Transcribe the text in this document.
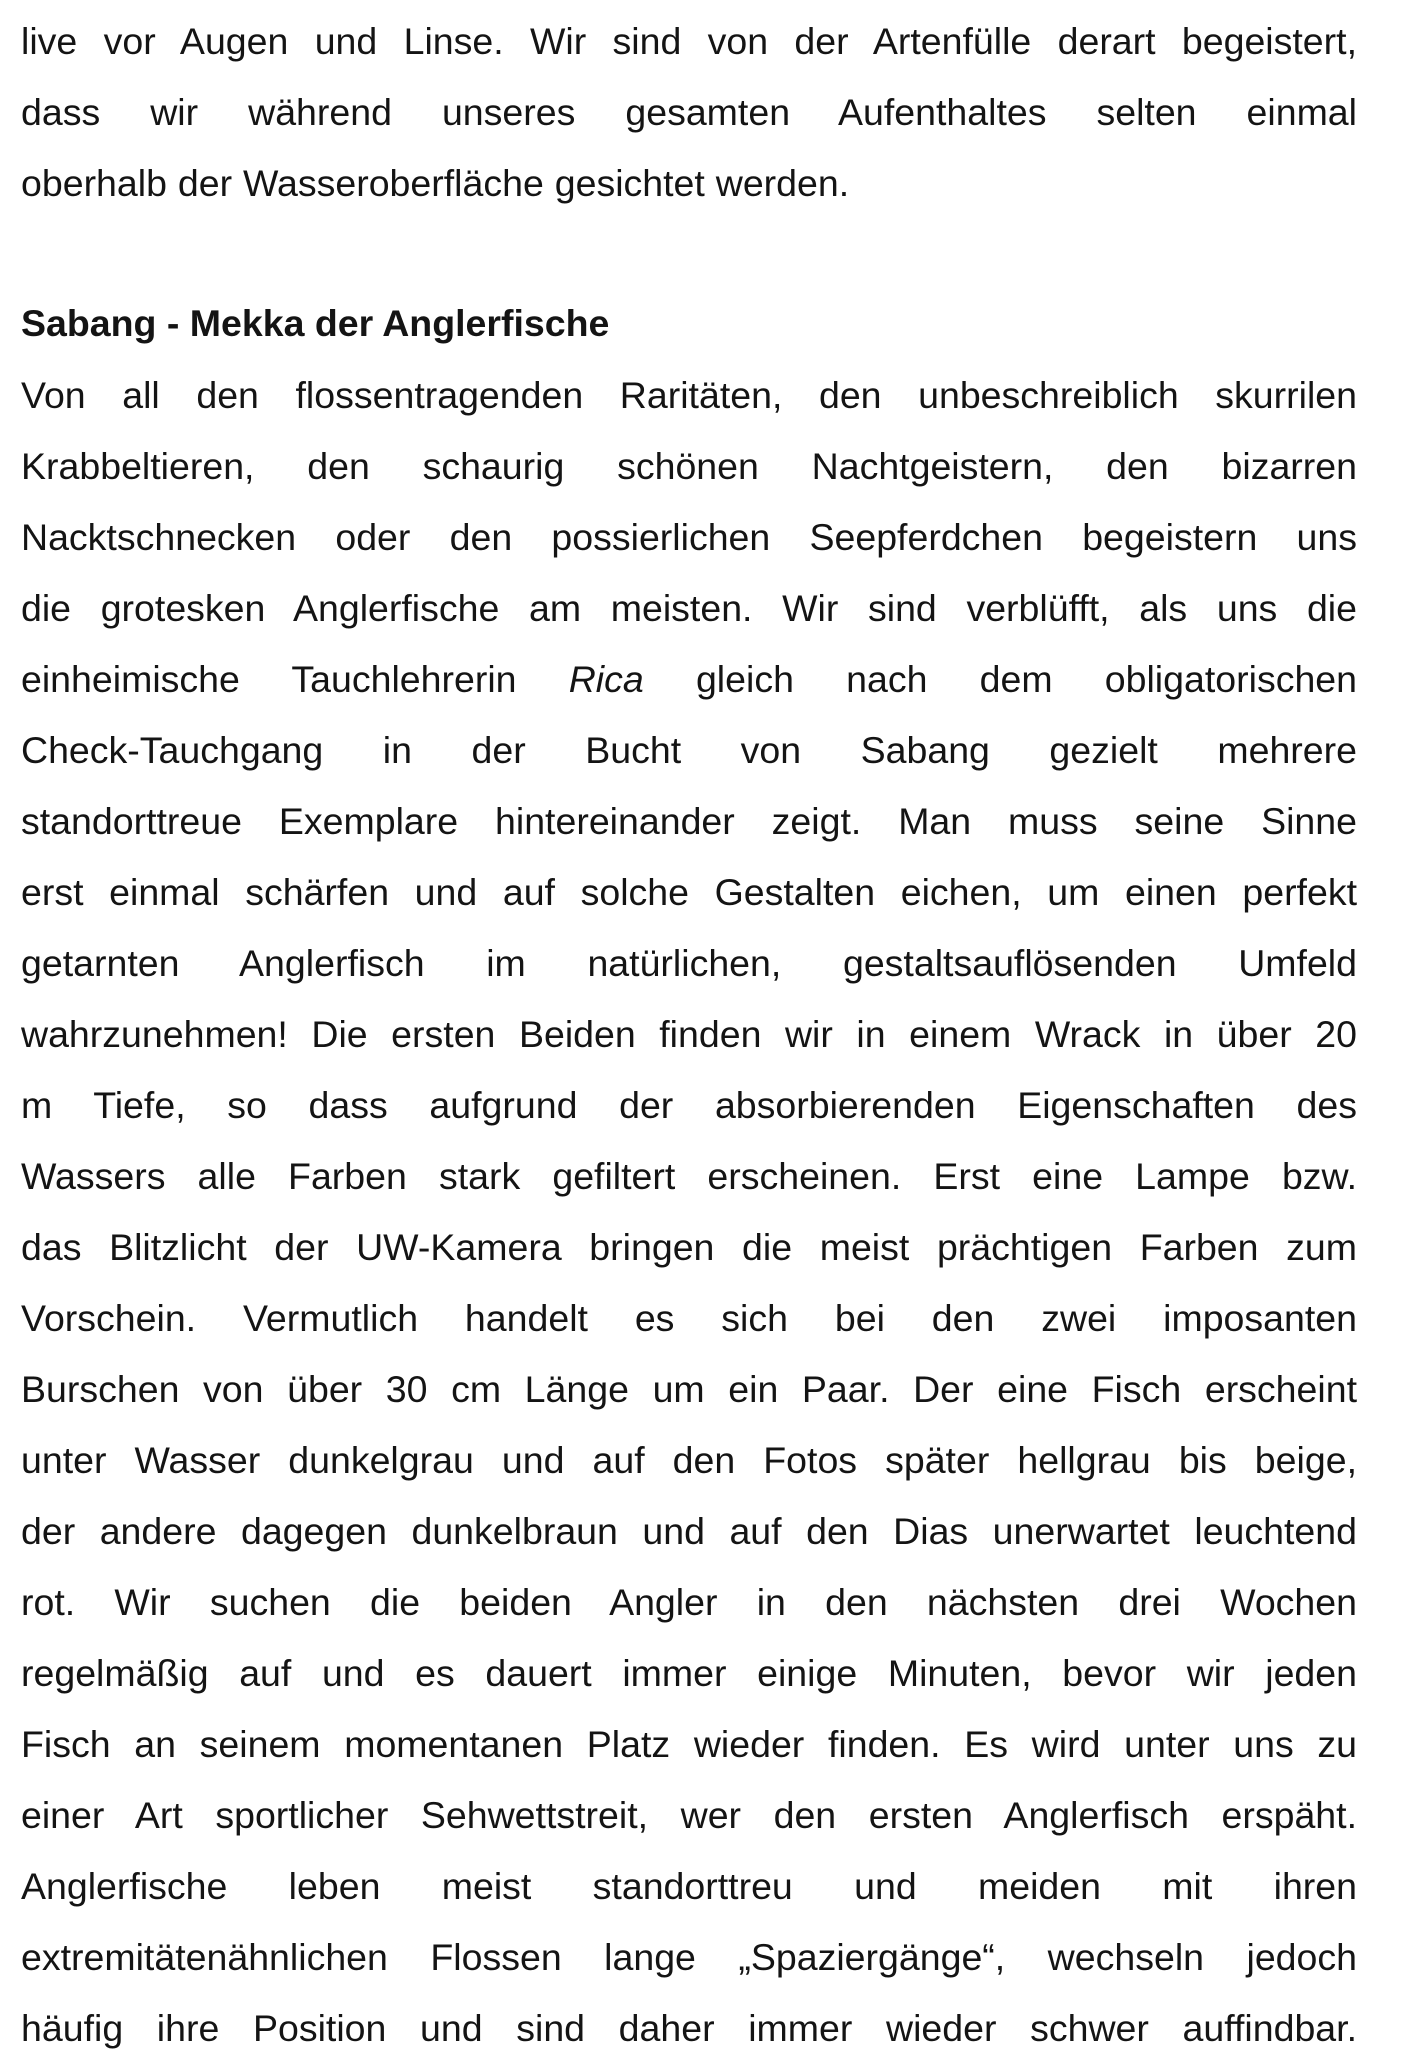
live vor Augen und Linse. Wir sind von der Artenfülle derart begeistert,
dass wir während unseres gesamten Aufenthaltes selten einmal
oberhalb der Wasseroberfläche gesichtet werden.

Sabang - Mekka der Anglerfische

Von all den flossentragenden Raritäten, den unbeschreiblich skurrilen
Krabbeltieren, den schaurig schönen Nachtgeistern, den bizarren
Nacktschnecken oder den possierlichen Seepferdchen begeistern uns
die grotesken Anglerfische am meisten. Wir sind verblüfft, als uns die
einheimische Tauchlehrerin Rica gleich nach dem obligatorischen
Check-Tauchgang in der Bucht von Sabang gezielt mehrere
standorttreue Exemplare hintereinander zeigt. Man muss seine Sinne
erst einmal schärfen und auf solche Gestalten eichen, um einen perfekt
getarnten Anglerfisch im natürlichen, gestaltsauflösenden Umfeld
wahrzunehmen! Die ersten Beiden finden wir in einem Wrack in über 20
m Tiefe, so dass aufgrund der absorbierenden Eigenschaften des
Wassers alle Farben stark gefiltert erscheinen. Erst eine Lampe bzw.
das Blitzlicht der UW-Kamera bringen die meist prächtigen Farben zum
Vorschein. Vermutlich handelt es sich bei den zwei imposanten
Burschen von über 30 cm Länge um ein Paar. Der eine Fisch erscheint
unter Wasser dunkelgrau und auf den Fotos später hellgrau bis beige,
der andere dagegen dunkelbraun und auf den Dias unerwartet leuchtend
rot. Wir suchen die beiden Angler in den nächsten drei Wochen
regelmäßig auf und es dauert immer einige Minuten, bevor wir jeden
Fisch an seinem momentanen Platz wieder finden. Es wird unter uns zu
einer Art sportlicher Sehwettstreit, wer den ersten Anglerfisch erspäht.
Anglerfische leben meist standorttreu und meiden mit ihren
extremitätenähnlichen Flossen lange „Spaziergänge“, wechseln jedoch
häufig ihre Position und sind daher immer wieder schwer auffindbar.
